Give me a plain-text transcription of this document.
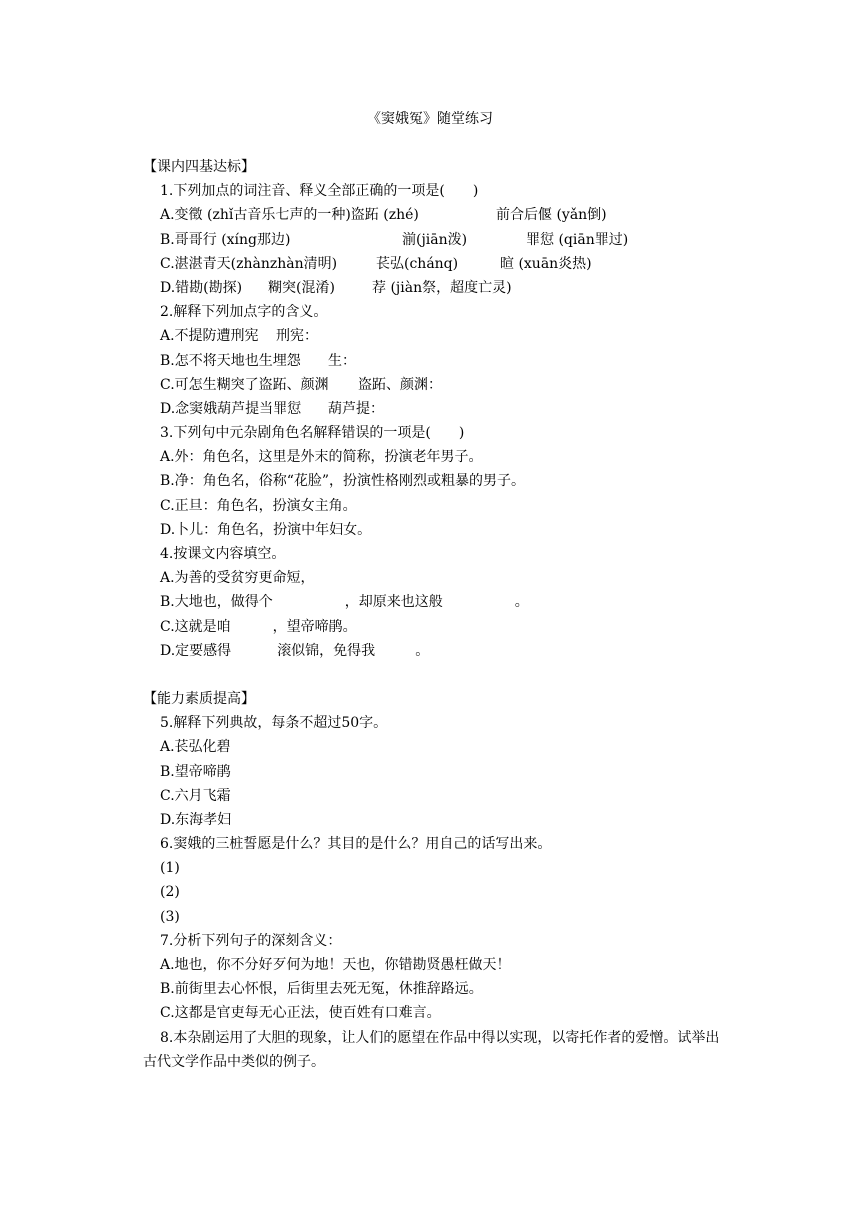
《窦娥冤》随堂练习
【课内四基达标】
1.下列加点的词注音、释义全部正确的一项是(　　)
A.变徵 (zhǐ古音乐七声的一种)盗跖 (zhé)	前合后偃 (yǎn倒)
B.哥哥行 (xíng那边)	湔(jiān泼)	罪愆 (qiān罪过)
C.湛湛青天(zhànzhàn清明)	苌弘(chánq)	暄 (xuān炎热)
D.错勘(勘探) 糊突(混淆)	荐 (jiàn祭，超度亡灵)
2.解释下列加点字的含义。
A.不提防遭刑宪 刑宪：
B.怎不将天地也生埋怨 生：
C.可怎生糊突了盗跖、颜渊 盗跖、颜渊：
D.念窦娥葫芦提当罪愆 葫芦提：
3.下列句中元杂剧角色名解释错误的一项是(　　)
A.外：角色名，这里是外末的简称，扮演老年男子。
B.净：角色名，俗称“花脸”，扮演性格刚烈或粗暴的男子。
C.正旦：角色名，扮演女主角。
D.卜儿：角色名，扮演中年妇女。
4.按课文内容填空。
A.为善的受贫穷更命短，
B.大地也，做得个	，却原来也这般	。
C.这就是咱	，望帝啼鹃。
D.定要感得	滚似锦，免得我	。
【能力素质提高】
5.解释下列典故，每条不超过50字。
A.苌弘化碧
B.望帝啼鹃
C.六月飞霜
D.东海孝妇
6.窦娥的三桩誓愿是什么？其目的是什么？用自己的话写出来。
(1)
(2)
(3)
7.分析下列句子的深刻含义：
A.地也，你不分好歹何为地！天也，你错勘贤愚枉做天！
B.前街里去心怀恨，后街里去死无冤，休推辞路远。
C.这都是官吏每无心正法，使百姓有口难言。
8.本杂剧运用了大胆的现象，让人们的愿望在作品中得以实现，以寄托作者的爱憎。试举出古代文学作品中类似的例子。
